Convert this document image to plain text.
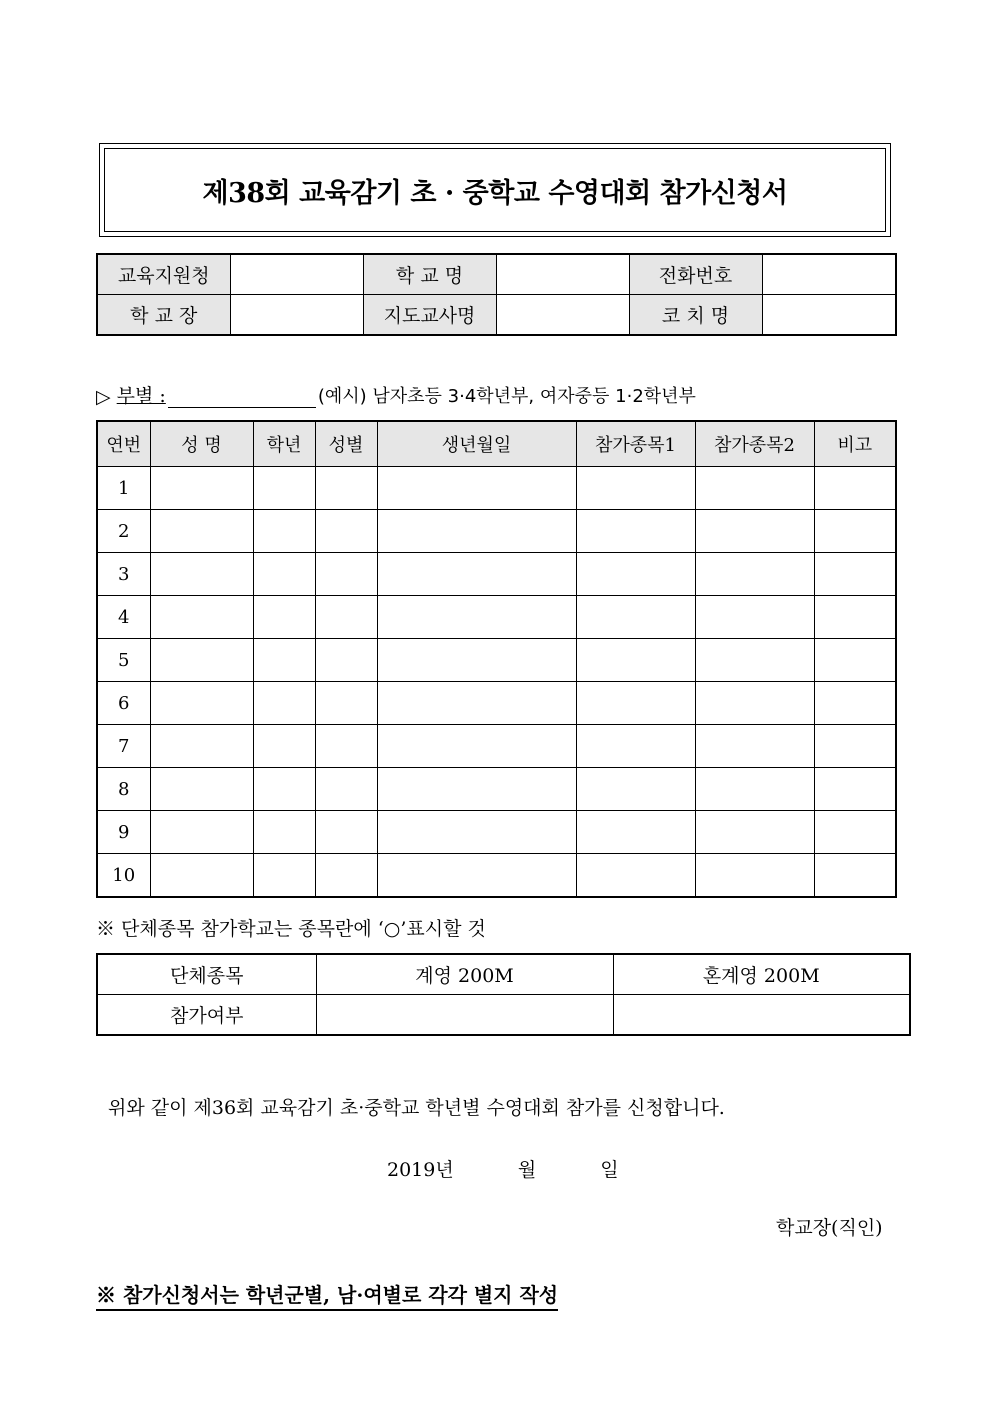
제38회 교육감기 초 · 중학교 수영대회 참가신청서
교육지원청		학 교 명		전화번호	
학 교 장		지도교사명		코 치 명	
▷
부별 :	(예시) 남자초등 3·4학년부, 여자중등 1·2학년부
연번	성 명	학년	성별	생년월일	참가종목1	참가종목2	비고
1							
2							
3							
4							
5							
6							
7							
8							
9							
10							
※ 단체종목 참가학교는 종목란에 ‘○’표시할 것
단체종목	계영 200M	혼계영 200M
참가여부		
위와 같이 제36회 교육감기 초·중학교 학년별 수영대회 참가를 신청합니다.
2019년	월	일
학교장(직인)
※ 참가신청서는 학년군별, 남·여별로 각각 별지 작성
